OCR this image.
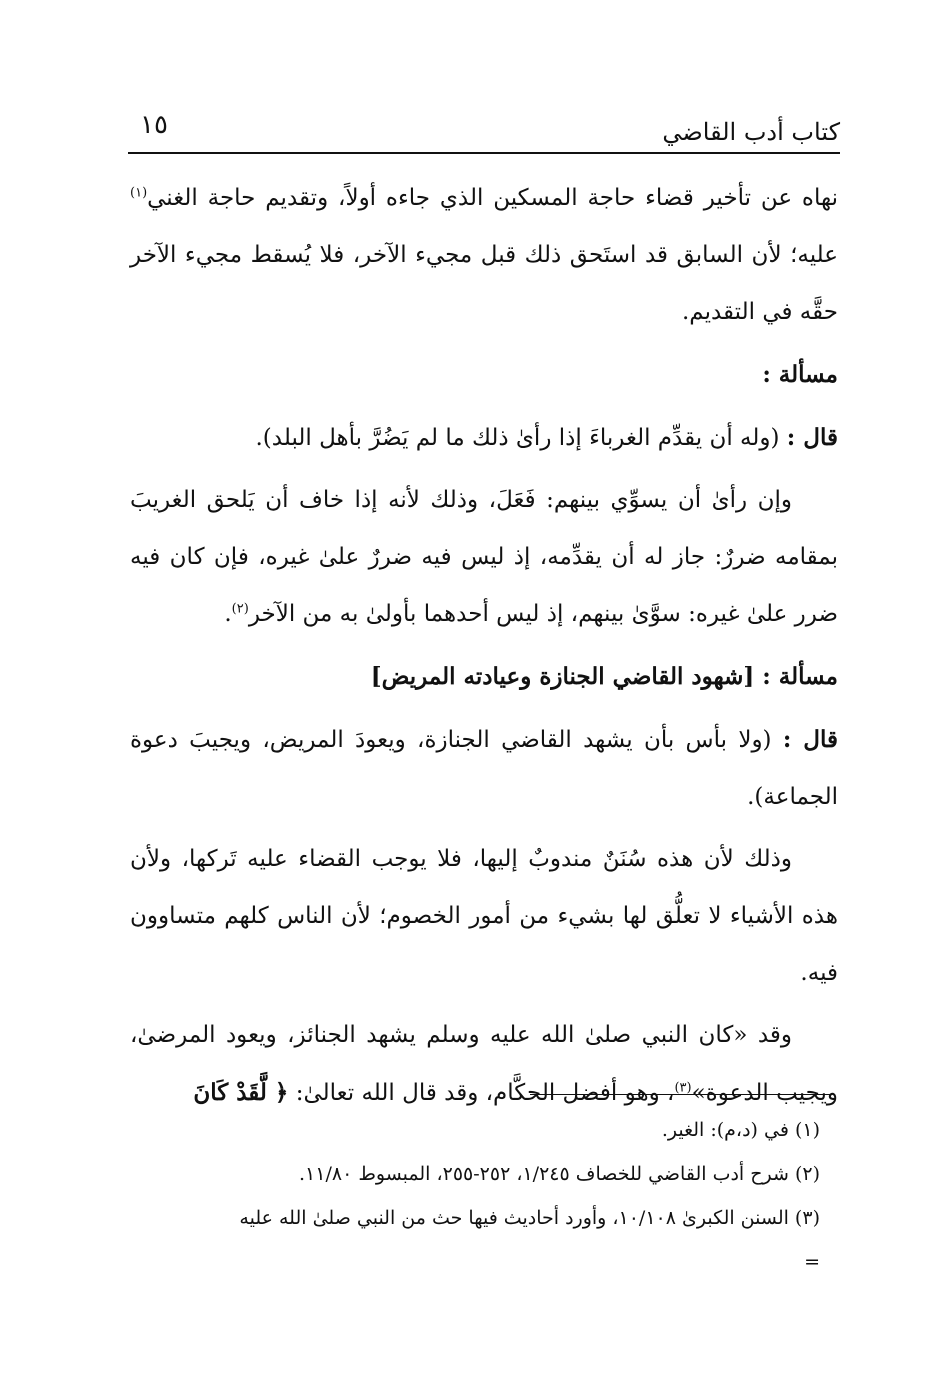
كتاب أدب القاضي
١٥

نهاه عن تأخير قضاء حاجة المسكين الذي جاءه أولاً، وتقديم حاجة الغني$^{(١)}$ عليه؛ لأن السابق قد استَحق ذلك قبل مجيء الآخر، فلا يُسقط مجيء الآخر حقَّه في التقديم.

مسألة :

قال : (وله أن يقدِّم الغرباءَ إذا رأىٰ ذلك ما لم يَضُرَّ بأهل البلد).

وإن رأىٰ أن يسوِّي بينهم: فَعَلَ، وذلك لأنه إذا خاف أن يَلحق الغريبَ بمقامه ضررٌ: جاز له أن يقدِّمه، إذ ليس فيه ضررٌ علىٰ غيره، فإن كان فيه ضرر علىٰ غيره: سوَّىٰ بينهم، إذ ليس أحدهما بأولىٰ به من الآخر$^{(٢)}$.

مسألة : [شهود القاضي الجنازة وعيادته المريض]

قال : (ولا بأس بأن يشهد القاضي الجنازة، ويعودَ المريض، ويجيبَ دعوة الجماعة).

وذلك لأن هذه سُنَنٌ مندوبٌ إليها، فلا يوجب القضاء عليه تَركها، ولأن هذه الأشياء لا تعلُّق لها بشيء من أمور الخصوم؛ لأن الناس كلهم متساوون فيه.

وقد «كان النبي صلىٰ الله عليه وسلم يشهد الجنائز، ويعود المرضىٰ، ويجيب الدعوة»$^{(٣)}$، وهو أفضل الحكَّام، وقد قال الله تعالىٰ: ﴿ لَّقَدْ كَانَ

(١) في (د،م): الغير.
(٢) شرح أدب القاضي للخصاف ١/٢٤٥، ٢٥٢-٢٥٥، المبسوط ١١/٨٠.
(٣) السنن الكبرىٰ ١٠/١٠٨، وأورد أحاديث فيها حث من النبي صلىٰ الله عليه
=
